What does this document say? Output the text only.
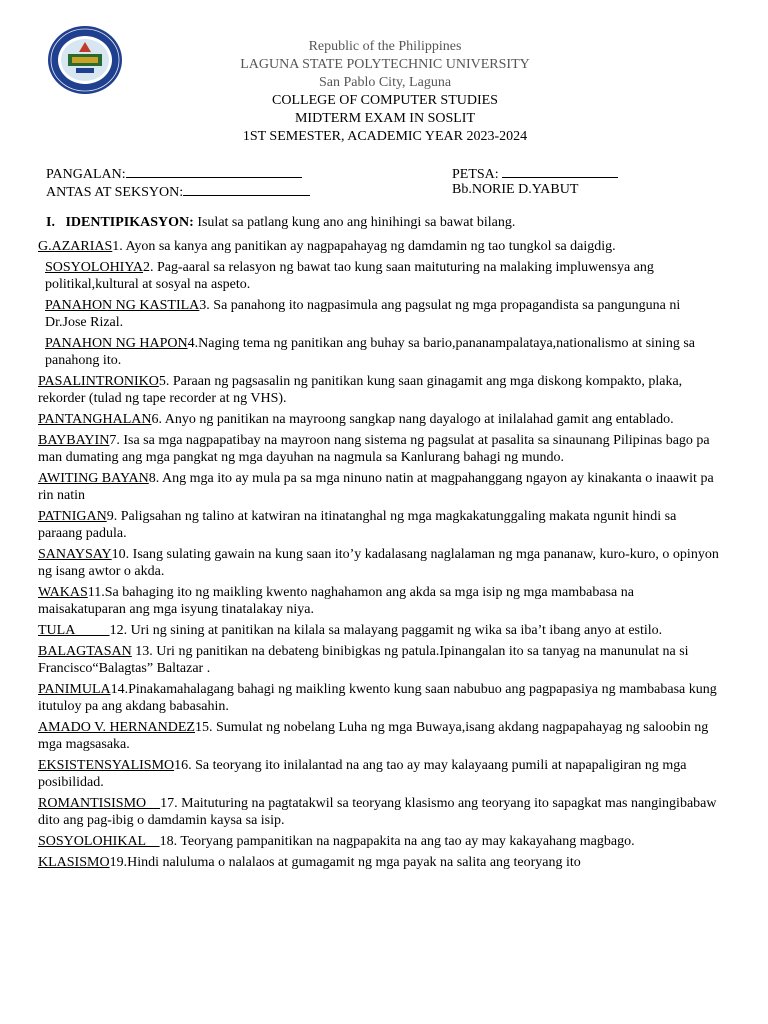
Republic of the Philippines
LAGUNA STATE POLYTECHNIC UNIVERSITY
San Pablo City, Laguna
COLLEGE OF COMPUTER STUDIES
MIDTERM EXAM IN SOSLIT
1ST SEMESTER, ACADEMIC YEAR 2023-2024
PANGALAN:	PETSA:
ANTAS AT SEKSYON:	Bb.NORIE D.YABUT
I. IDENTIPIKASYON: Isulat sa patlang kung ano ang hinihingi sa bawat bilang.
G.AZARIAS1. Ayon sa kanya ang panitikan ay nagpapahayag ng damdamin ng tao tungkol sa daigdig.
SOSYOLOHIYA2. Pag-aaral sa relasyon ng bawat tao kung saan maituturing na malaking impluwensya ang politikal,kultural at sosyal na aspeto.
PANAHON NG KASTILA3. Sa panahong ito nagpasimula ang pagsulat ng mga propagandista sa pangunguna ni Dr.Jose Rizal.
PANAHON NG HAPON4.Naging tema ng panitikan ang buhay sa bario,pananampalataya,nationalismo at sining sa panahong ito.
PASALINTRONIKO5. Paraan ng pagsasalin ng panitikan kung saan ginagamit ang mga diskong kompakto, plaka, rekorder (tulad ng tape recorder at ng VHS).
PANTANGHALAN6. Anyo ng panitikan na mayroong sangkap nang dayalogo at inilalahad gamit ang entablado.
BAYBAYIN7. Isa sa mga nagpapatibay na mayroon nang sistema ng pagsulat at pasalita sa sinaunang Pilipinas bago pa man dumating ang mga pangkat ng mga dayuhan na nagmula sa Kanlurang bahagi ng mundo.
AWITING BAYAN8. Ang mga ito ay mula pa sa mga ninuno natin at magpahanggang ngayon ay kinakanta o inaawit pa rin natin
PATNIGAN9. Paligsahan ng talino at katwiran na itinatanghal ng mga magkakatunggaling makata ngunit hindi sa paraang padula.
SANAYSAY10. Isang sulating gawain na kung saan ito’y kadalasang naglalaman ng mga pananaw, kuro-kuro, o opinyon ng isang awtor o akda.
WAKAS11.Sa bahaging ito ng maikling kwento naghahamon ang akda sa mga isip ng mga mambabasa na maisakatuparan ang mga isyung tinatalakay niya.
TULA          12. Uri ng sining at panitikan na kilala sa malayang paggamit ng wika sa iba’t ibang anyo at estilo.
BALAGTASAN 13. Uri ng panitikan na debateng binibigkas ng patula.Ipinangalan ito sa tanyag na manunulat na si Francisco“Balagtas” Baltazar .
PANIMULA14.Pinakamahalagang bahagi ng maikling kwento kung saan nabubuo ang pagpapasiya ng mambabasa kung itutuloy pa ang akdang babasahin.
AMADO V. HERNANDEZ15. Sumulat ng nobelang Luha ng mga Buwaya,isang akdang nagpapahayag ng saloobin ng mga magsasaka.
EKSISTENSYALISMO16. Sa teoryang ito inilalantad na ang tao ay may kalayaang pumili at napapaligiran ng mga posibilidad.
ROMANTISISMO    17. Maituturing na pagtatakwil sa teoryang klasismo ang teoryang ito sapagkat mas nangingibabaw dito ang pag-ibig o damdamin kaysa sa isip.
SOSYOLOHIKAL    18. Teoryang pampanitikan na nagpapakita na ang tao ay may kakayahang magbago.
KLASISMO19.Hindi naluluma o nalalaos at gumagamit ng mga payak na salita ang teoryang ito
